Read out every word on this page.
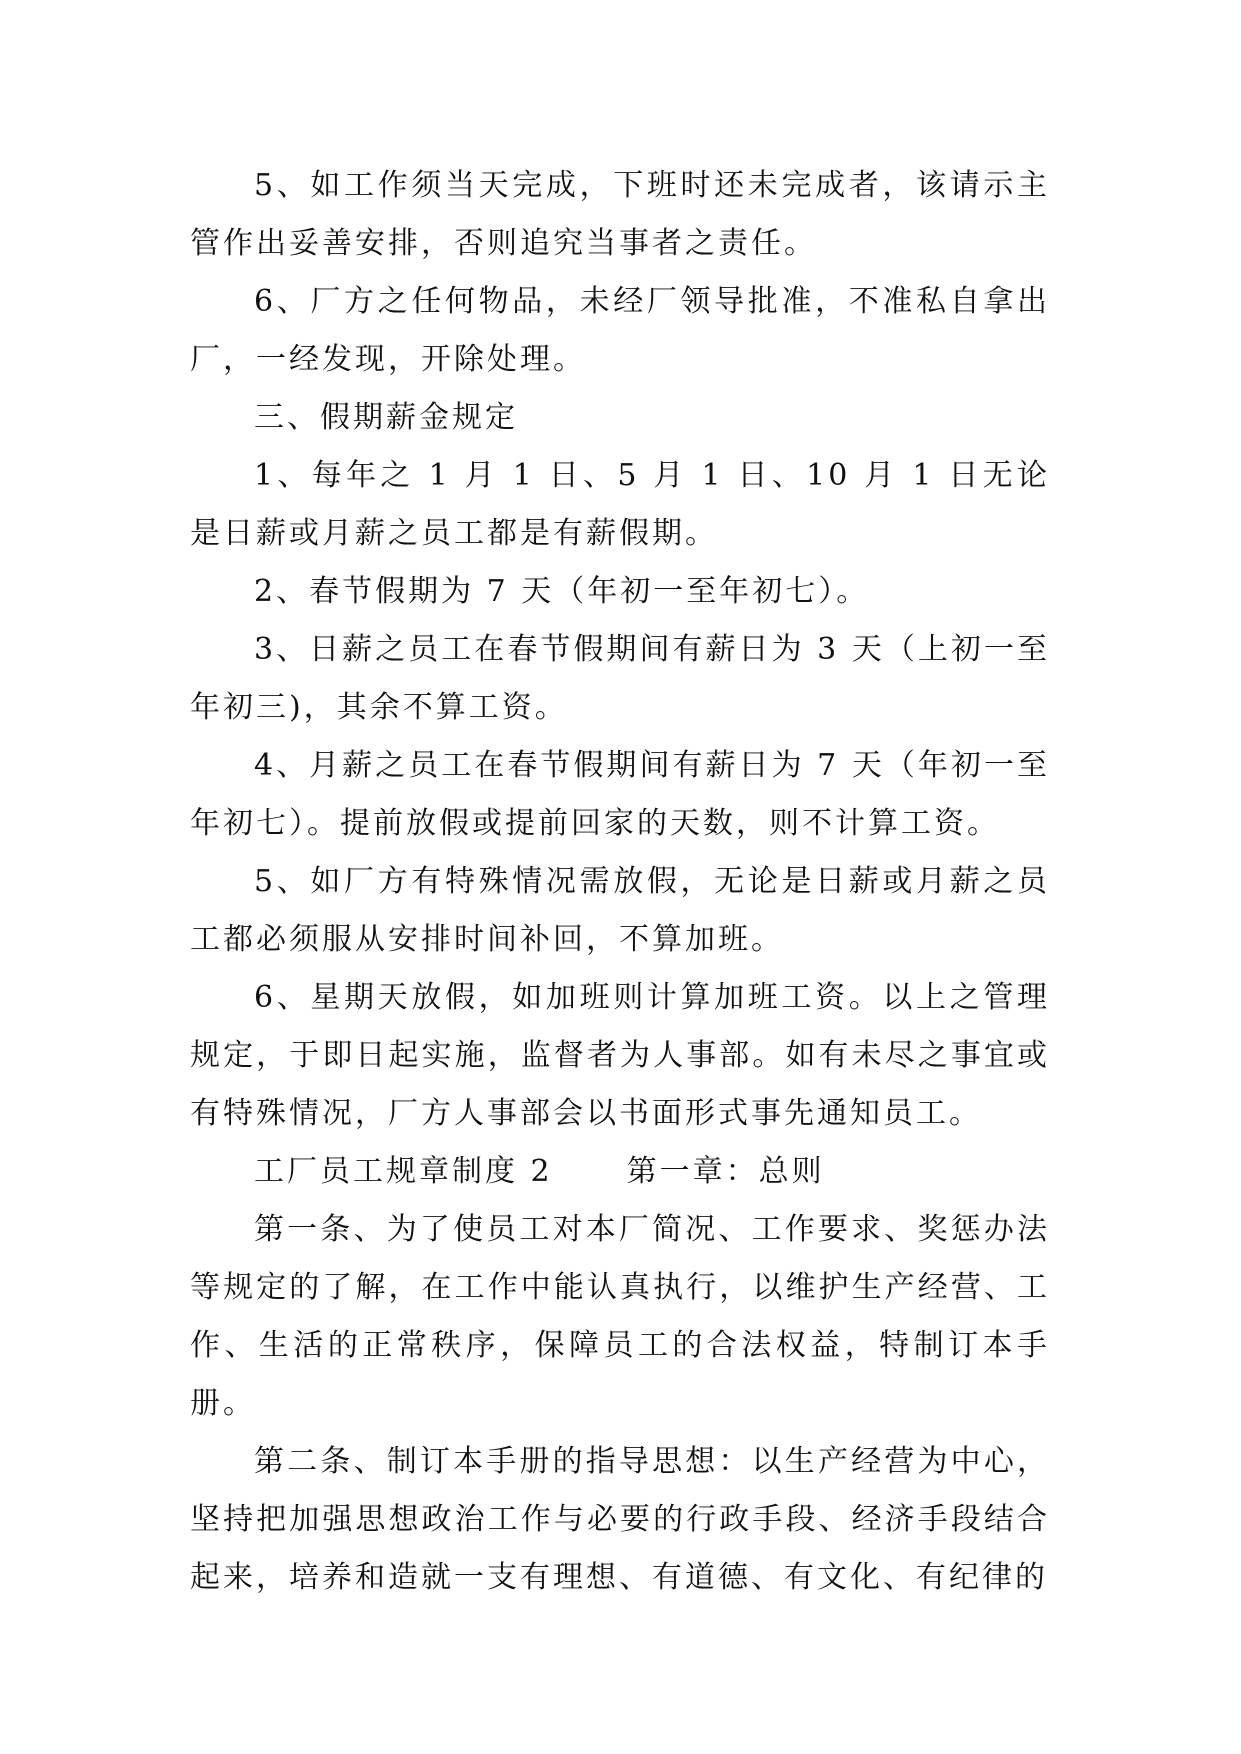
5、如工作须当天完成，下班时还未完成者，该请示主管作出妥善安排，否则追究当事者之责任。

6、厂方之任何物品，未经厂领导批准，不准私自拿出厂，一经发现，开除处理。

三、假期薪金规定

1、每年之 1 月 1 日、5 月 1 日、10 月 1 日无论是日薪或月薪之员工都是有薪假期。

2、春节假期为 7 天（年初一至年初七）。

3、日薪之员工在春节假期间有薪日为 3 天（上初一至年初三)，其余不算工资。

4、月薪之员工在春节假期间有薪日为 7 天（年初一至年初七）。提前放假或提前回家的天数，则不计算工资。

5、如厂方有特殊情况需放假，无论是日薪或月薪之员工都必须服从安排时间补回，不算加班。

6、星期天放假，如加班则计算加班工资。以上之管理规定，于即日起实施，监督者为人事部。如有未尽之事宜或有特殊情况，厂方人事部会以书面形式事先通知员工。

工厂员工规章制度 2 第一章：总则

第一条、为了使员工对本厂简况、工作要求、奖惩办法等规定的了解，在工作中能认真执行，以维护生产经营、工作、生活的正常秩序，保障员工的合法权益，特制订本手册。

第二条、制订本手册的指导思想：以生产经营为中心，坚持把加强思想政治工作与必要的行政手段、经济手段结合起来，培养和造就一支有理想、有道德、有文化、有纪律的
